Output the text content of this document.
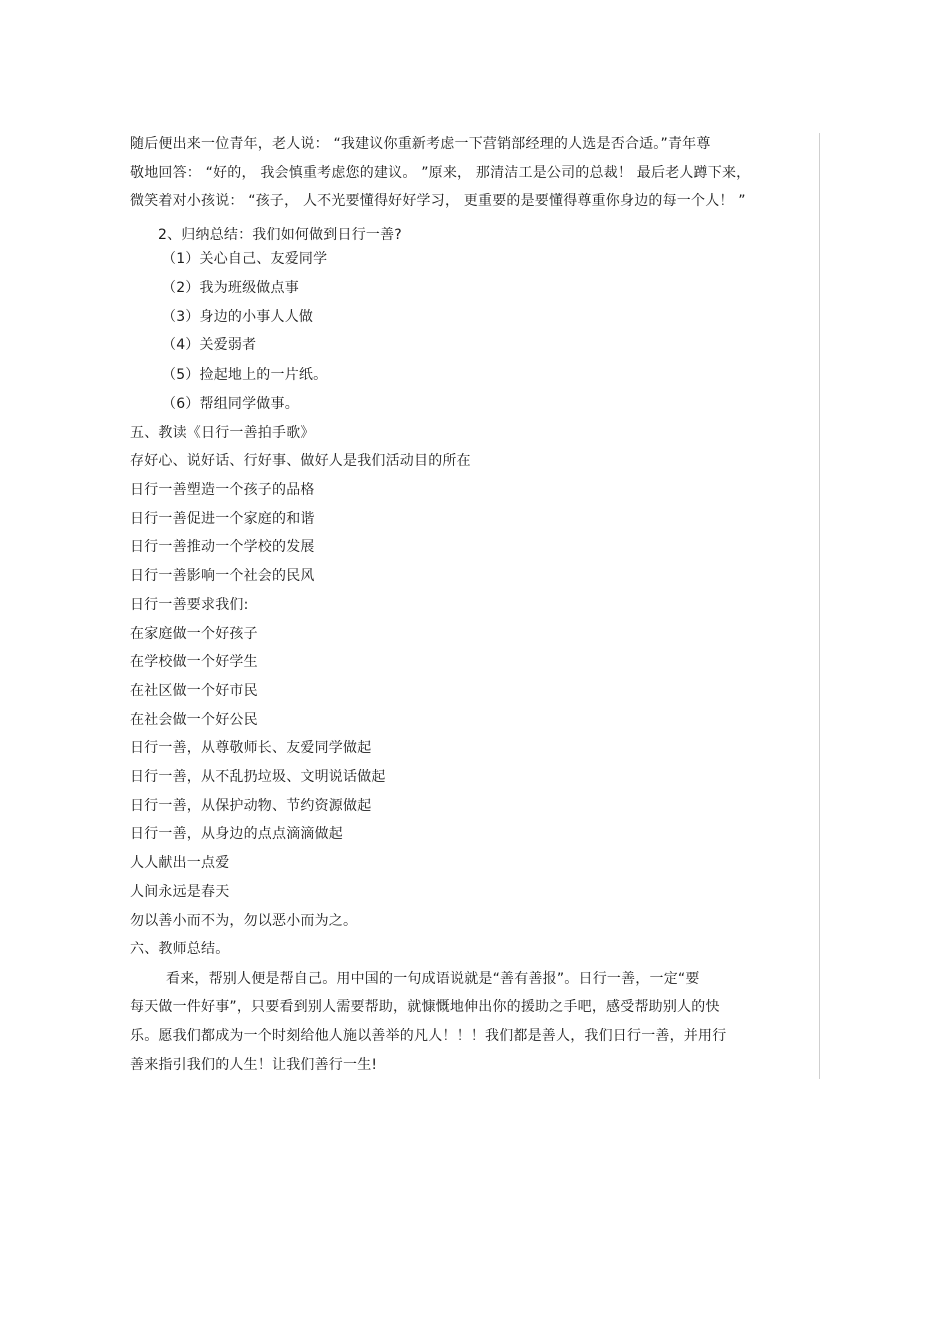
随后便出来一位青年，老人说： “我建议你重新考虑一下营销部经理的人选是否合适。”青年尊
敬地回答： “好的， 我会慎重考虑您的建议。 ”原来， 那清洁工是公司的总裁！ 最后老人蹲下来，
微笑着对小孩说： “孩子， 人不光要懂得好好学习， 更重要的是要懂得尊重你身边的每一个人！ ”
2、归纳总结：我们如何做到日行一善?
（1）关心自己、友爱同学
（2）我为班级做点事
（3）身边的小事人人做
（4）关爱弱者
（5）捡起地上的一片纸。
（6）帮组同学做事。
五、教读《日行一善拍手歌》
存好心、说好话、行好事、做好人是我们活动目的所在
日行一善塑造一个孩子的品格
日行一善促进一个家庭的和谐
日行一善推动一个学校的发展
日行一善影响一个社会的民风
日行一善要求我们:
在家庭做一个好孩子
在学校做一个好学生
在社区做一个好市民
在社会做一个好公民
日行一善，从尊敬师长、友爱同学做起
日行一善，从不乱扔垃圾、文明说话做起
日行一善，从保护动物、节约资源做起
日行一善，从身边的点点滴滴做起
人人献出一点爱
人间永远是春天
勿以善小而不为，勿以恶小而为之。
六、教师总结。
看来，帮别人便是帮自己。用中国的一句成语说就是“善有善报”。日行一善，一定“要
每天做一件好事”，只要看到别人需要帮助，就慷慨地伸出你的援助之手吧，感受帮助别人的快
乐。愿我们都成为一个时刻给他人施以善举的凡人！！！我们都是善人，我们日行一善，并用行
善来指引我们的人生！让我们善行一生!
